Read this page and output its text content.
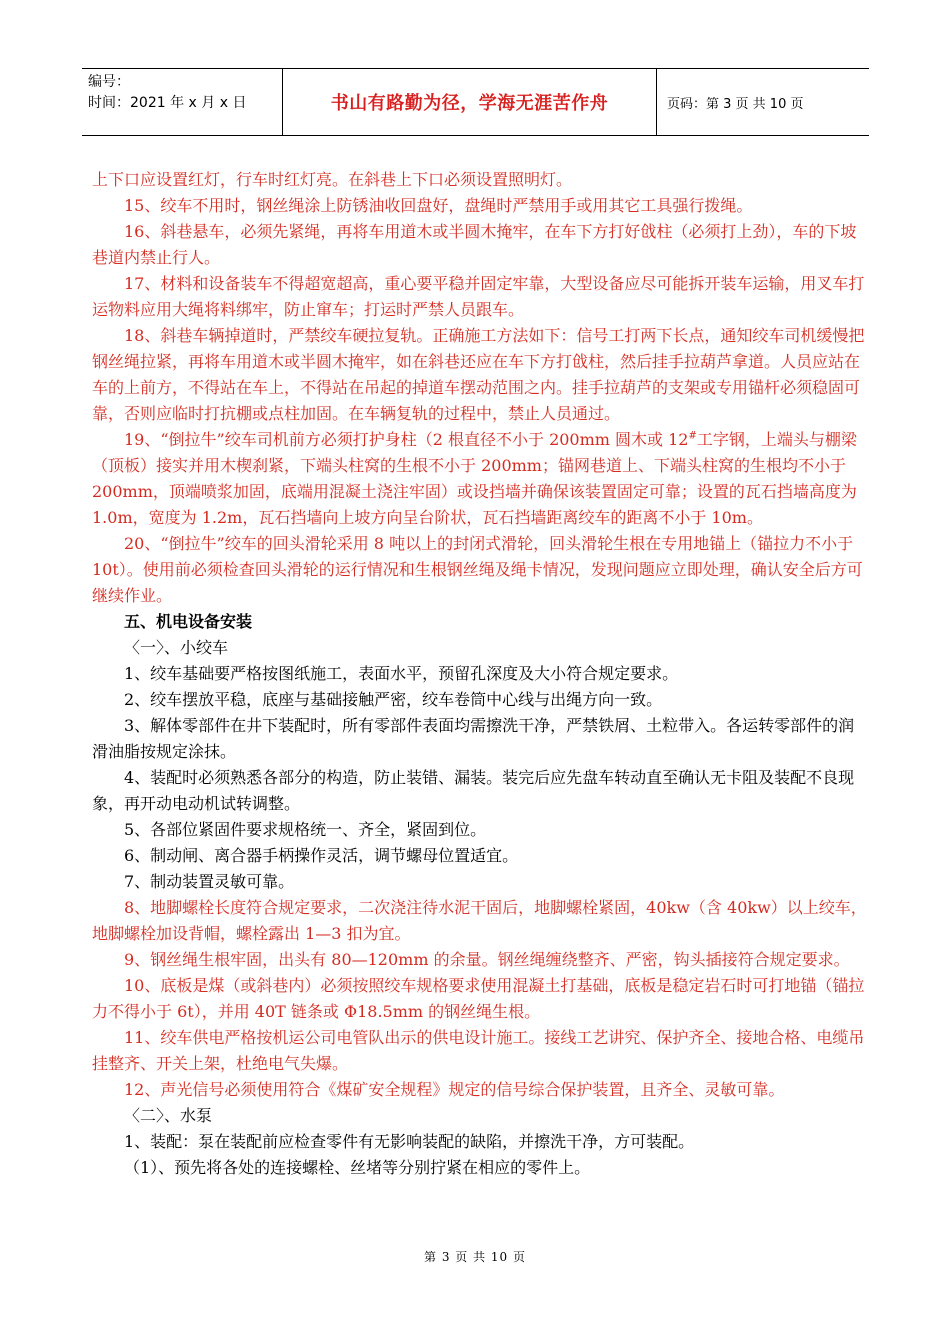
编号：
时间：2021 年 x 月 x 日	书山有路勤为径，学海无涯苦作舟	页码：第 3 页 共 10 页

上下口应设置红灯，行车时红灯亮。在斜巷上下口必须设置照明灯。

15、绞车不用时，钢丝绳涂上防锈油收回盘好，盘绳时严禁用手或用其它工具强行拨绳。

16、斜巷悬车，必须先紧绳，再将车用道木或半圆木掩牢，在车下方打好戗柱（必须打上劲），车的下坡巷道内禁止行人。

17、材料和设备装车不得超宽超高，重心要平稳并固定牢靠，大型设备应尽可能拆开装车运输，用叉车打运物料应用大绳将料绑牢，防止窜车；打运时严禁人员跟车。

18、斜巷车辆掉道时，严禁绞车硬拉复轨。正确施工方法如下：信号工打两下长点，通知绞车司机缓慢把钢丝绳拉紧，再将车用道木或半圆木掩牢，如在斜巷还应在车下方打戗柱，然后挂手拉葫芦拿道。人员应站在车的上前方，不得站在车上，不得站在吊起的掉道车摆动范围之内。挂手拉葫芦的支架或专用锚杆必须稳固可靠，否则应临时打抗棚或点柱加固。在车辆复轨的过程中，禁止人员通过。

19、“倒拉牛”绞车司机前方必须打护身柱（2 根直径不小于 200mm 圆木或 12#工字钢，上端头与棚梁（顶板）接实并用木楔刹紧，下端头柱窝的生根不小于 200mm；锚网巷道上、下端头柱窝的生根均不小于 200mm，顶端喷浆加固，底端用混凝土浇注牢固）或设挡墙并确保该装置固定可靠；设置的瓦石挡墙高度为 1.0m，宽度为 1.2m，瓦石挡墙向上坡方向呈台阶状，瓦石挡墙距离绞车的距离不小于 10m。

20、“倒拉牛”绞车的回头滑轮采用 8 吨以上的封闭式滑轮，回头滑轮生根在专用地锚上（锚拉力不小于 10t）。使用前必须检查回头滑轮的运行情况和生根钢丝绳及绳卡情况，发现问题应立即处理，确认安全后方可继续作业。

五、机电设备安装

〈一〉、小绞车

1、绞车基础要严格按图纸施工，表面水平，预留孔深度及大小符合规定要求。

2、绞车摆放平稳，底座与基础接触严密，绞车卷筒中心线与出绳方向一致。

3、解体零部件在井下装配时，所有零部件表面均需擦洗干净，严禁铁屑、土粒带入。各运转零部件的润滑油脂按规定涂抹。

4、装配时必须熟悉各部分的构造，防止装错、漏装。装完后应先盘车转动直至确认无卡阻及装配不良现象，再开动电动机试转调整。

5、各部位紧固件要求规格统一、齐全，紧固到位。

6、制动闸、离合器手柄操作灵活，调节螺母位置适宜。

7、制动装置灵敏可靠。

8、地脚螺栓长度符合规定要求，二次浇注待水泥干固后，地脚螺栓紧固，40kw（含 40kw）以上绞车，地脚螺栓加设背帽，螺栓露出 1—3 扣为宜。

9、钢丝绳生根牢固，出头有 80—120mm 的余量。钢丝绳缠绕整齐、严密，钩头插接符合规定要求。

10、底板是煤（或斜巷内）必须按照绞车规格要求使用混凝土打基础，底板是稳定岩石时可打地锚（锚拉力不得小于 6t），并用 40T 链条或 Φ18.5mm 的钢丝绳生根。

11、绞车供电严格按机运公司电管队出示的供电设计施工。接线工艺讲究、保护齐全、接地合格、电缆吊挂整齐、开关上架，杜绝电气失爆。

12、声光信号必须使用符合《煤矿安全规程》规定的信号综合保护装置，且齐全、灵敏可靠。

〈二〉、水泵

1、装配：泵在装配前应检查零件有无影响装配的缺陷，并擦洗干净，方可装配。

（1）、预先将各处的连接螺栓、丝堵等分别拧紧在相应的零件上。

第 3 页 共 10 页
